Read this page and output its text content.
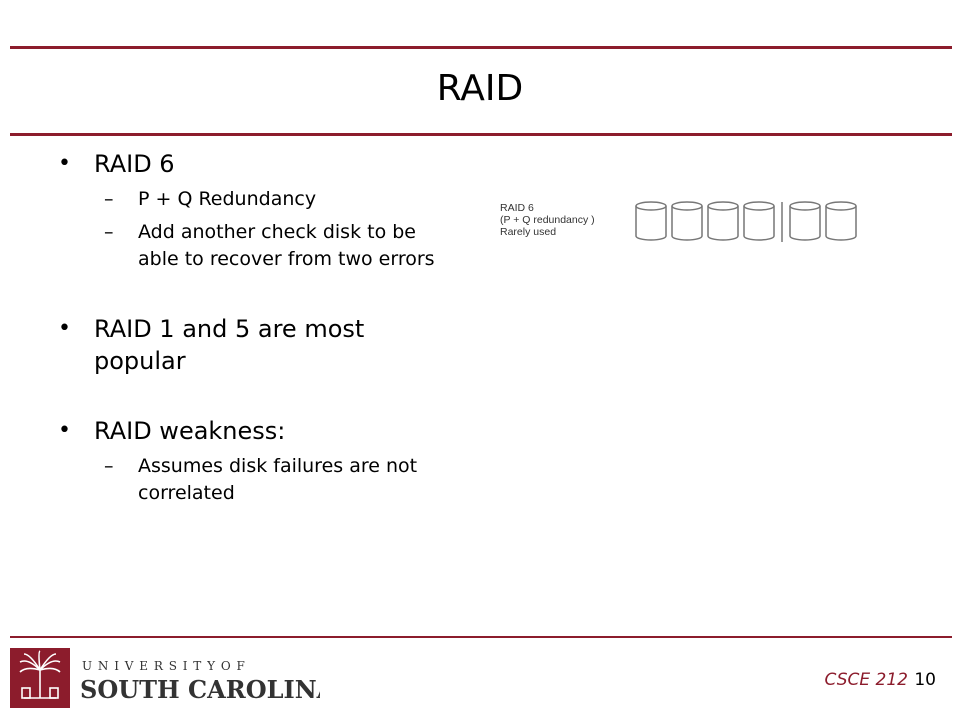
RAID
• RAID 6
– P + Q Redundancy
– Add another check disk to be able to recover from two errors
• RAID 1 and 5 are most popular
• RAID weakness:
– Assumes disk failures are not correlated
RAID 6
(P + Q redundancy )
Rarely used
U N I V E R S I T Y O F
SOUTH CAROLINA.	CSCE 212 10
